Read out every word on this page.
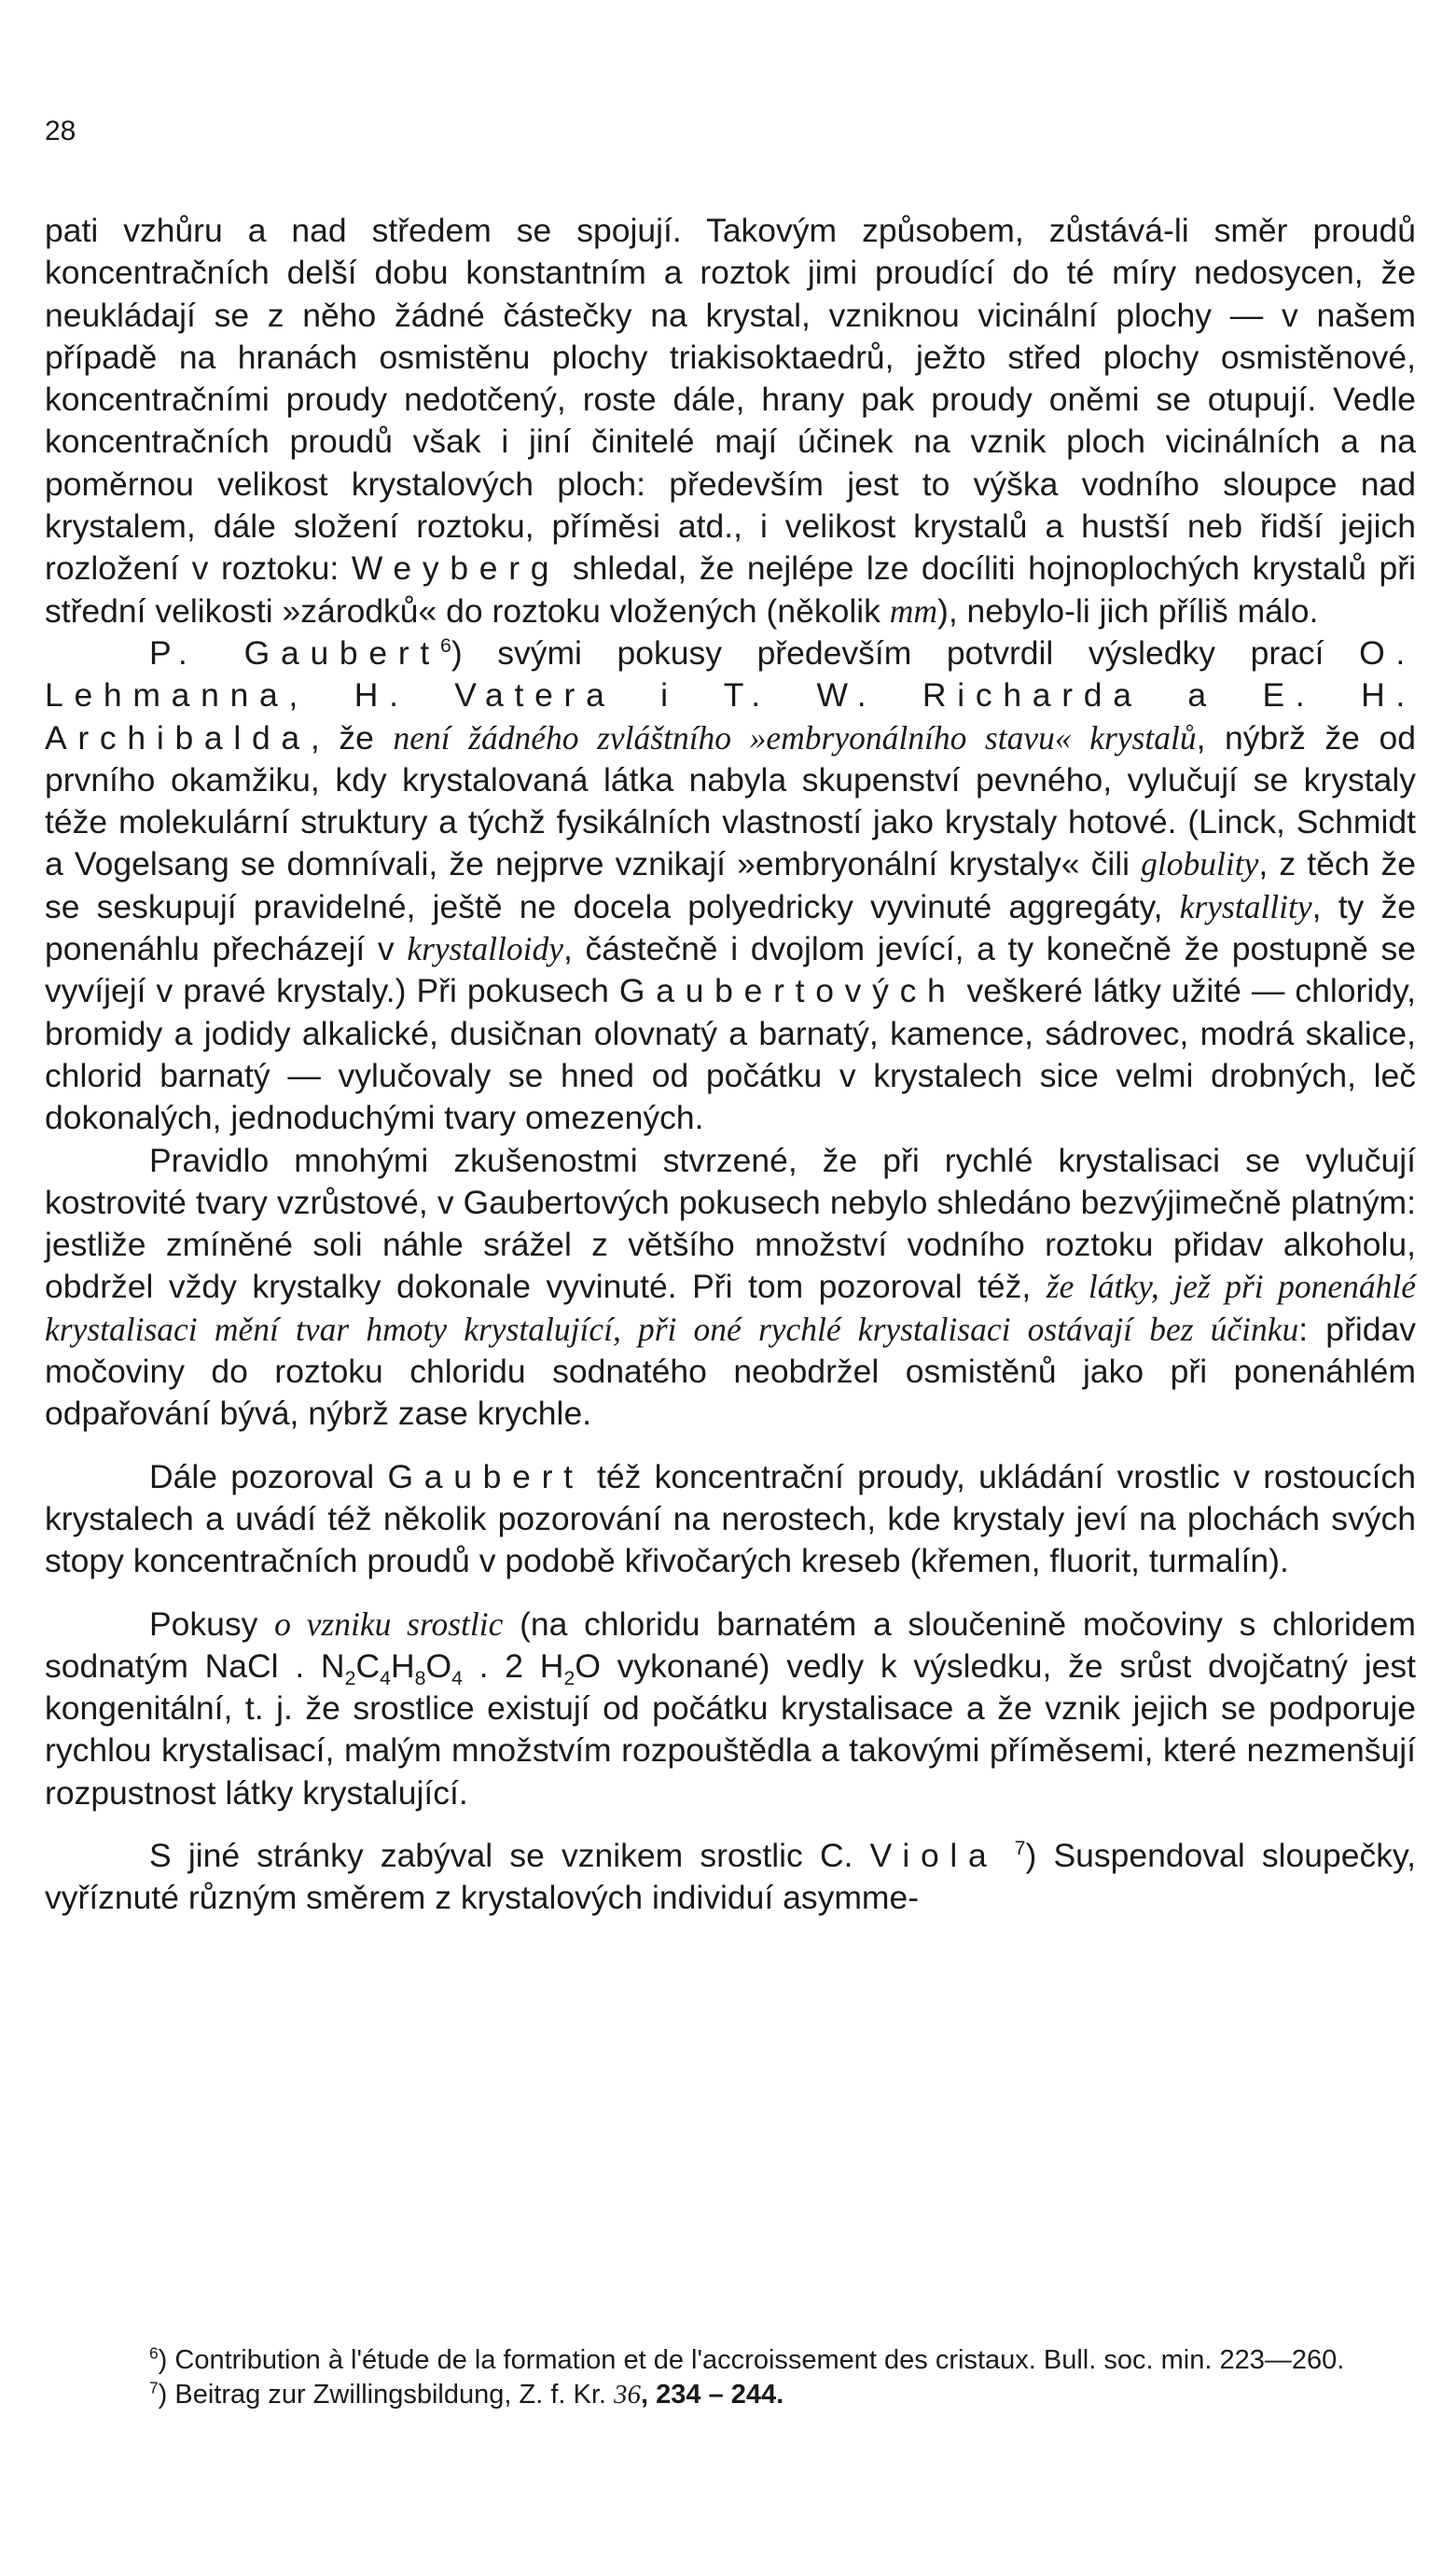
28

pati vzhůru a nad středem se spojují. Takovým způsobem, zůstává-li směr proudů koncentračních delší dobu konstantním a roztok jimi proudící do té míry nedosycen, že neukládají se z něho žádné částečky na krystal, vzniknou vicinální plochy — v našem případě na hranách osmistěnu plochy triakisoktaedrů, ježto střed plochy osmistěnové, koncentračními proudy nedotčený, roste dále, hrany pak proudy oněmi se otupují. Vedle koncentračních proudů však i jiní činitelé mají účinek na vznik ploch vicinálních a na poměrnou velikost krystalových ploch: především jest to výška vodního sloupce nad krystalem, dále složení roztoku, příměsi atd., i velikost krystalů a hustší neb řidší jejich rozložení v roztoku: Weyberg shledal, že nejlépe lze docíliti hojnoplochých krystalů při střední velikosti »zárodků« do roztoku vložených (několik mm), nebylo-li jich příliš málo.

P. Gaubert$^6$) svými pokusy především potvrdil výsledky prací O. Lehmanna, H. Vatera i T. W. Richarda a E. H. Archibalda, že není žádného zvláštního »embryonálního stavu« krystalů, nýbrž že od prvního okamžiku, kdy krystalovaná látka nabyla skupenství pevného, vylučují se krystaly téže molekulární struktury a týchž fysikálních vlastností jako krystaly hotové. (Linck, Schmidt a Vogelsang se domnívali, že nejprve vznikají »embryonální krystaly« čili globulity, z těch že se seskupují pravidelné, ještě ne docela polyedricky vyvinuté aggregáty, krystallity, ty že ponenáhlu přecházejí v krystalloidy, částečně i dvojlom jevící, a ty konečně že postupně se vyvíjejí v pravé krystaly.) Při pokusech Gaubertových veškeré látky užité — chloridy, bromidy a jodidy alkalické, dusičnan olovnatý a barnatý, kamence, sádrovec, modrá skalice, chlorid barnatý — vylučovaly se hned od počátku v krystalech sice velmi drobných, leč dokonalých, jednoduchými tvary omezených.

Pravidlo mnohými zkušenostmi stvrzené, že při rychlé krystalisaci se vylučují kostrovité tvary vzrůstové, v Gaubertových pokusech nebylo shledáno bezvýjimečně platným: jestliže zmíněné soli náhle srážel z většího množství vodního roztoku přidav alkoholu, obdržel vždy krystalky dokonale vyvinuté. Při tom pozoroval též, že látky, jež při ponenáhlé krystalisaci mění tvar hmoty krystalující, při oné rychlé krystalisaci ostávají bez účinku: přidav močoviny do roztoku chloridu sodnatého neobdržel osmistěnů jako při ponenáhlém odpařování bývá, nýbrž zase krychle.

Dále pozoroval Gaubert též koncentrační proudy, ukládání vrostlic v rostoucích krystalech a uvádí též několik pozorování na nerostech, kde krystaly jeví na plochách svých stopy koncentračních proudů v podobě křivočarých kreseb (křemen, fluorit, turmalín).

Pokusy o vzniku srostlic (na chloridu barnatém a sloučenině močoviny s chloridem sodnatým NaCl . $N_2C_4H_8O_4$ . 2 $H_2O$ vykonané) vedly k výsledku, že srůst dvojčatný jest kongenitální, t. j. že srostlice existují od počátku krystalisace a že vznik jejich se podporuje rychlou krystalisací, malým množstvím rozpouštědla a takovými příměsemi, které nezmenšují rozpustnost látky krystalující.

S jiné stránky zabýval se vznikem srostlic C. Viola $^7$) Suspendoval sloupečky, vyříznuté různým směrem z krystalových individuí asymme-

$^6$) Contribution à l'étude de la formation et de l'accroissement des cristaux. Bull. soc. min. 223—260.

$^7$) Beitrag zur Zwillingsbildung, Z. f. Kr. 36, 234 – 244.
